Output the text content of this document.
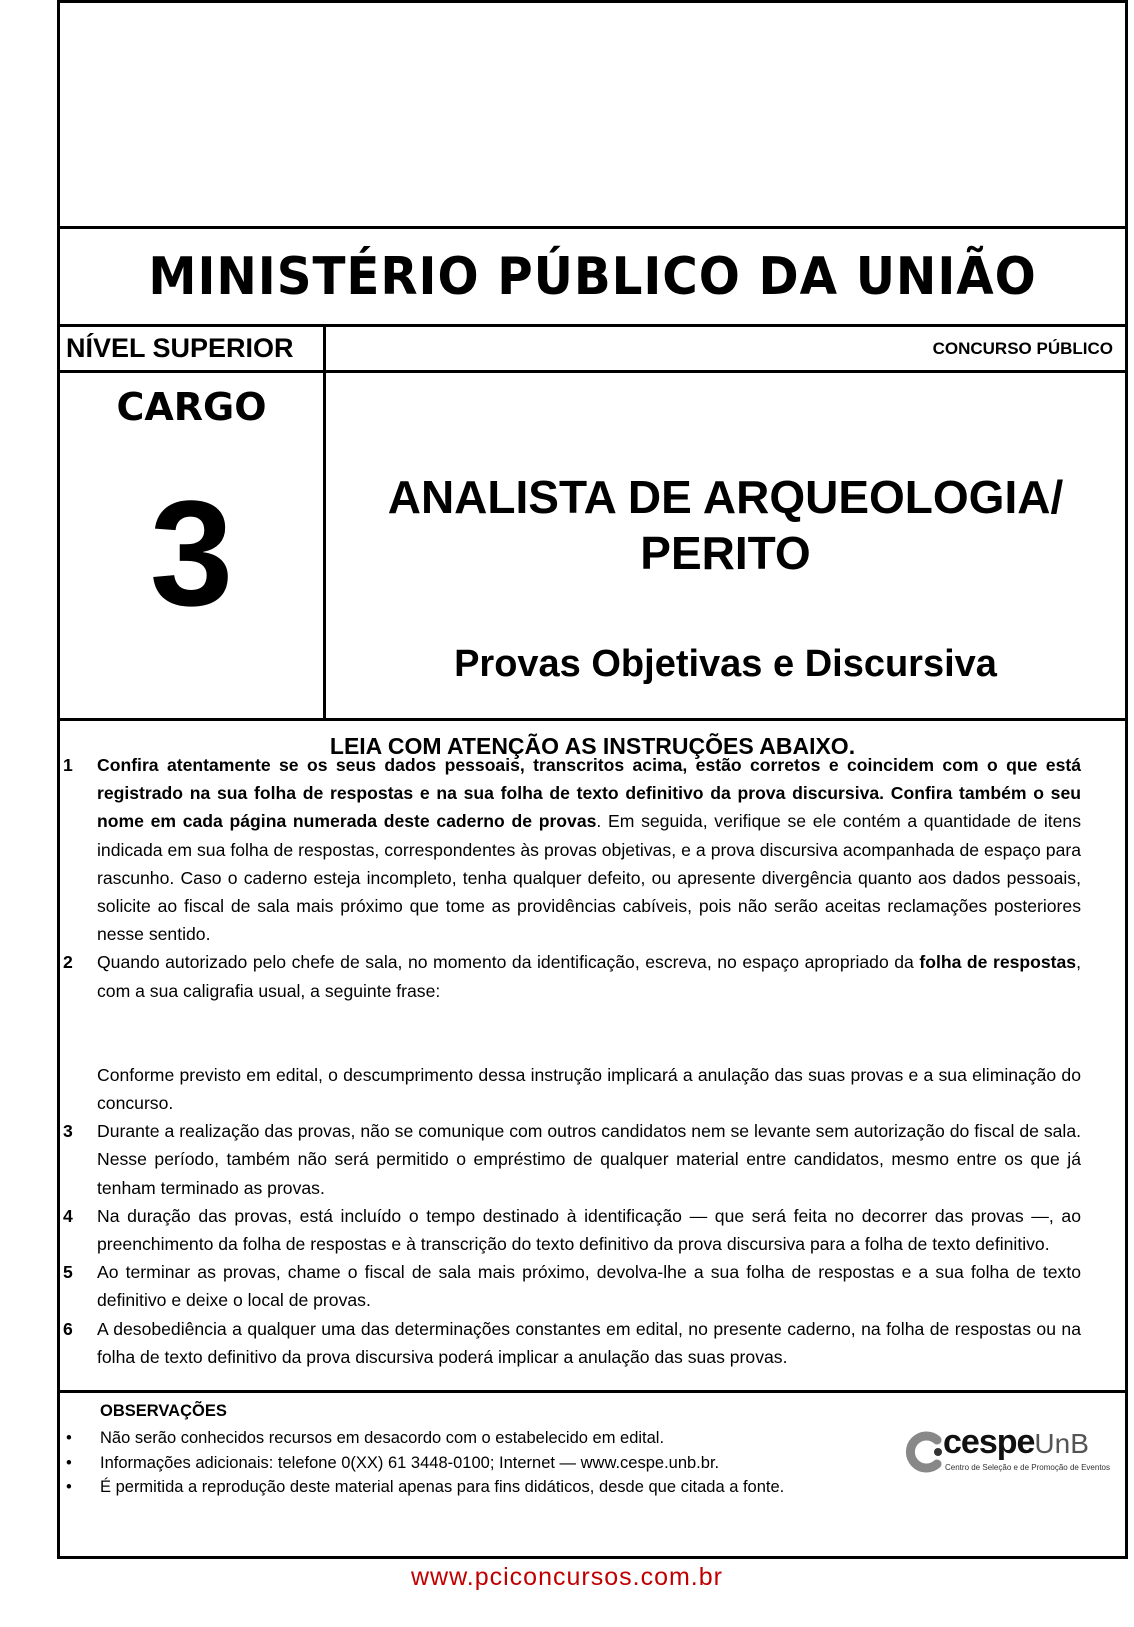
MINISTÉRIO PÚBLICO DA UNIÃO
NÍVEL SUPERIOR	CONCURSO PÚBLICO
CARGO
3	ANALISTA DE ARQUEOLOGIA/
PERITO
Provas Objetivas e Discursiva
LEIA COM ATENÇÃO AS INSTRUÇÕES ABAIXO.
1	Confira atentamente se os seus dados pessoais, transcritos acima, estão corretos e coincidem com o que está registrado na sua folha de respostas e na sua folha de texto definitivo da prova discursiva. Confira também o seu nome em cada página numerada deste caderno de provas. Em seguida, verifique se ele contém a quantidade de itens indicada em sua folha de respostas, correspondentes às provas objetivas, e a prova discursiva acompanhada de espaço para rascunho. Caso o caderno esteja incompleto, tenha qualquer defeito, ou apresente divergência quanto aos dados pessoais, solicite ao fiscal de sala mais próximo que tome as providências cabíveis, pois não serão aceitas reclamações posteriores nesse sentido.
2	Quando autorizado pelo chefe de sala, no momento da identificação, escreva, no espaço apropriado da folha de respostas, com a sua caligrafia usual, a seguinte frase:
Conforme previsto em edital, o descumprimento dessa instrução implicará a anulação das suas provas e a sua eliminação do concurso.
3	Durante a realização das provas, não se comunique com outros candidatos nem se levante sem autorização do fiscal de sala. Nesse período, também não será permitido o empréstimo de qualquer material entre candidatos, mesmo entre os que já tenham terminado as provas.
4	Na duração das provas, está incluído o tempo destinado à identificação — que será feita no decorrer das provas —, ao preenchimento da folha de respostas e à transcrição do texto definitivo da prova discursiva para a folha de texto definitivo.
5	Ao terminar as provas, chame o fiscal de sala mais próximo, devolva-lhe a sua folha de respostas e a sua folha de texto definitivo e deixe o local de provas.
6	A desobediência a qualquer uma das determinações constantes em edital, no presente caderno, na folha de respostas ou na folha de texto definitivo da prova discursiva poderá implicar a anulação das suas provas.
OBSERVAÇÕES
•	Não serão conhecidos recursos em desacordo com o estabelecido em edital.
•	Informações adicionais: telefone 0(XX) 61 3448-0100; Internet — www.cespe.unb.br.
•	É permitida a reprodução deste material apenas para fins didáticos, desde que citada a fonte.
cespeUnB
Centro de Seleção e de Promoção de Eventos
www.pciconcursos.com.br
